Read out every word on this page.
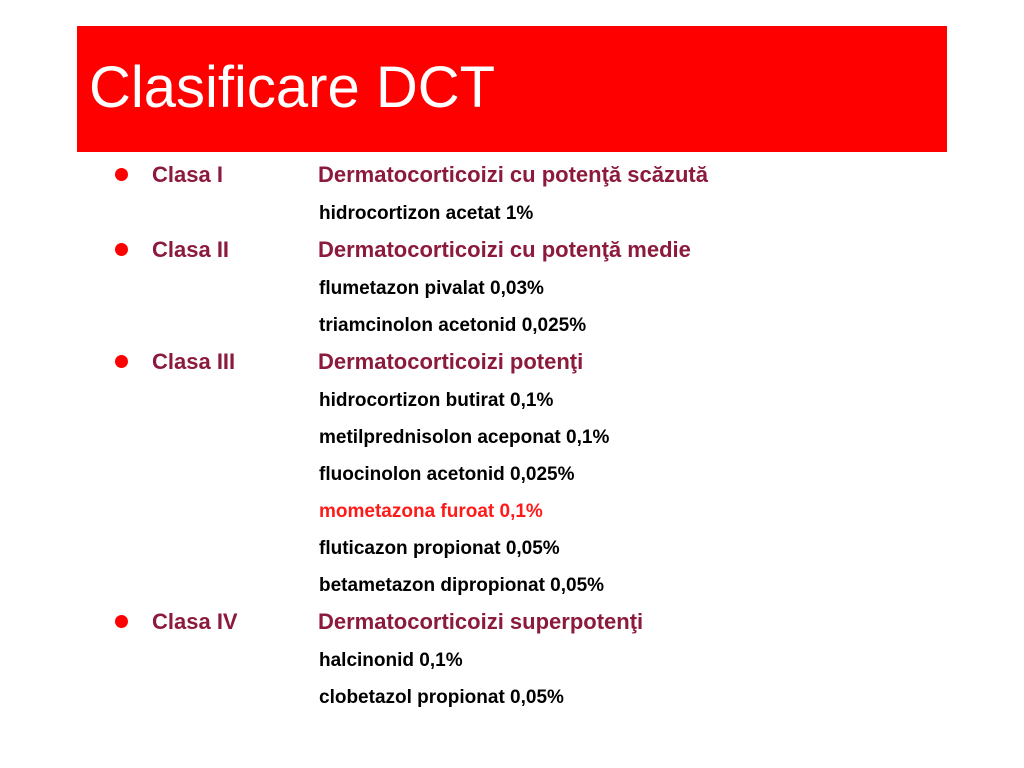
Clasificare DCT
Clasa I	Dermatocorticoizi cu potenţă scăzută
hidrocortizon acetat 1%
Clasa II	Dermatocorticoizi cu potenţă medie
flumetazon pivalat 0,03%
triamcinolon acetonid 0,025%
Clasa III	Dermatocorticoizi potenţi
hidrocortizon butirat 0,1%
metilprednisolon aceponat 0,1%
fluocinolon acetonid 0,025%
mometazona furoat 0,1%
fluticazon propionat 0,05%
betametazon dipropionat 0,05%
Clasa IV	Dermatocorticoizi superpotenţi
halcinonid 0,1%
clobetazol propionat 0,05%
